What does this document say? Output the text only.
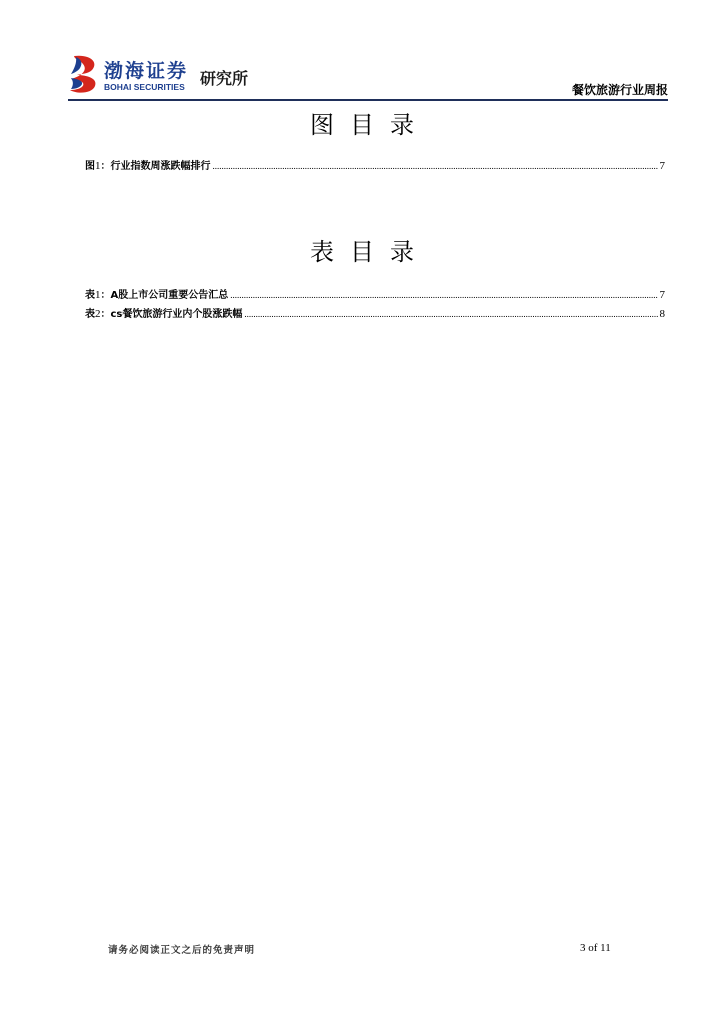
渤海证券
BOHAI SECURITIES 研究所
餐饮旅游行业周报
图目录
图1：行业指数周涨跌幅排行 .....	7
表目录
表1：A股上市公司重要公告汇总 .....	7
表2：cs餐饮旅游行业内个股涨跌幅 .....	8
请务必阅读正文之后的免责声明	3 of 11
